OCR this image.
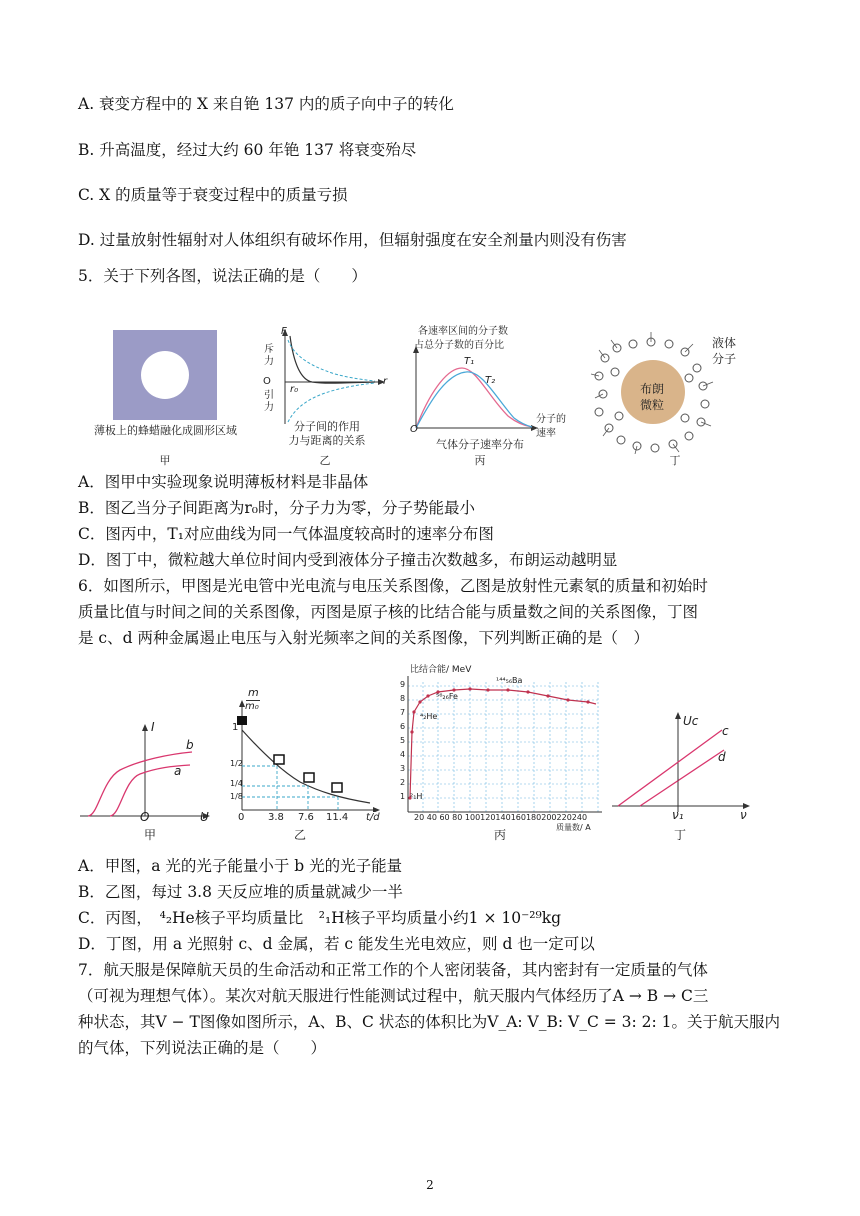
A. 衰变方程中的 X 来自铯 137 内的质子向中子的转化
B. 升高温度，经过大约 60 年铯 137 将衰变殆尽
C. X 的质量等于衰变过程中的质量亏损
D. 过量放射性辐射对人体组织有破坏作用，但辐射强度在安全剂量内则没有伤害
5．关于下列各图，说法正确的是（　　）
薄板上的蜂蜡融化成圆形区域
甲
F
斥力
O
引力
r₀
r
分子间的作用
力与距离的关系
乙
各速率区间的分子数
占总分子数的百分比
T₁
T₂
O
分子的
速率
气体分子速率分布
丙
布朗
微粒
液体
分子
丁
A．图甲中实验现象说明薄板材料是非晶体
B．图乙当分子间距离为r₀时，分子力为零，分子势能最小
C．图丙中，T₁对应曲线为同一气体温度较高时的速率分布图
D．图丁中，微粒越大单位时间内受到液体分子撞击次数越多，布朗运动越明显
6．如图所示，甲图是光电管中光电流与电压关系图像，乙图是放射性元素氡的质量和初始时
质量比值与时间之间的关系图像，丙图是原子核的比结合能与质量数之间的关系图像，丁图
是 c、d 两种金属遏止电压与入射光频率之间的关系图像，下列判断正确的是（　）
I
b
a
O	U
甲
m
m₀
1
1/2
1/4
1/8
0 3.8 7.6 11.4 t/d
乙
比结合能/ MeV
¹⁴⁴₅₆Ba
⁵⁶₂₆Fe
⁴₂He
²₁H
9
8
7
6
5
4
3
2
1
20 40 60 80 100120140160180200220240
质量数/ A
丙
Uc
c
d
ν₁	ν
丁
A．甲图，a 光的光子能量小于 b 光的光子能量
B．乙图，每过 3.8 天反应堆的质量就减少一半
C．丙图，　⁴₂He核子平均质量比　²₁H核子平均质量小约1 × 10⁻²⁹kg
D．丁图，用 a 光照射 c、d 金属，若 c 能发生光电效应，则 d 也一定可以
7．航天服是保障航天员的生命活动和正常工作的个人密闭装备，其内密封有一定质量的气体
（可视为理想气体）。某次对航天服进行性能测试过程中，航天服内气体经历了A → B → C三
种状态，其V − T图像如图所示，A、B、C 状态的体积比为V_A: V_B: V_C = 3: 2: 1。关于航天服内
的气体，下列说法正确的是（　　）
2
